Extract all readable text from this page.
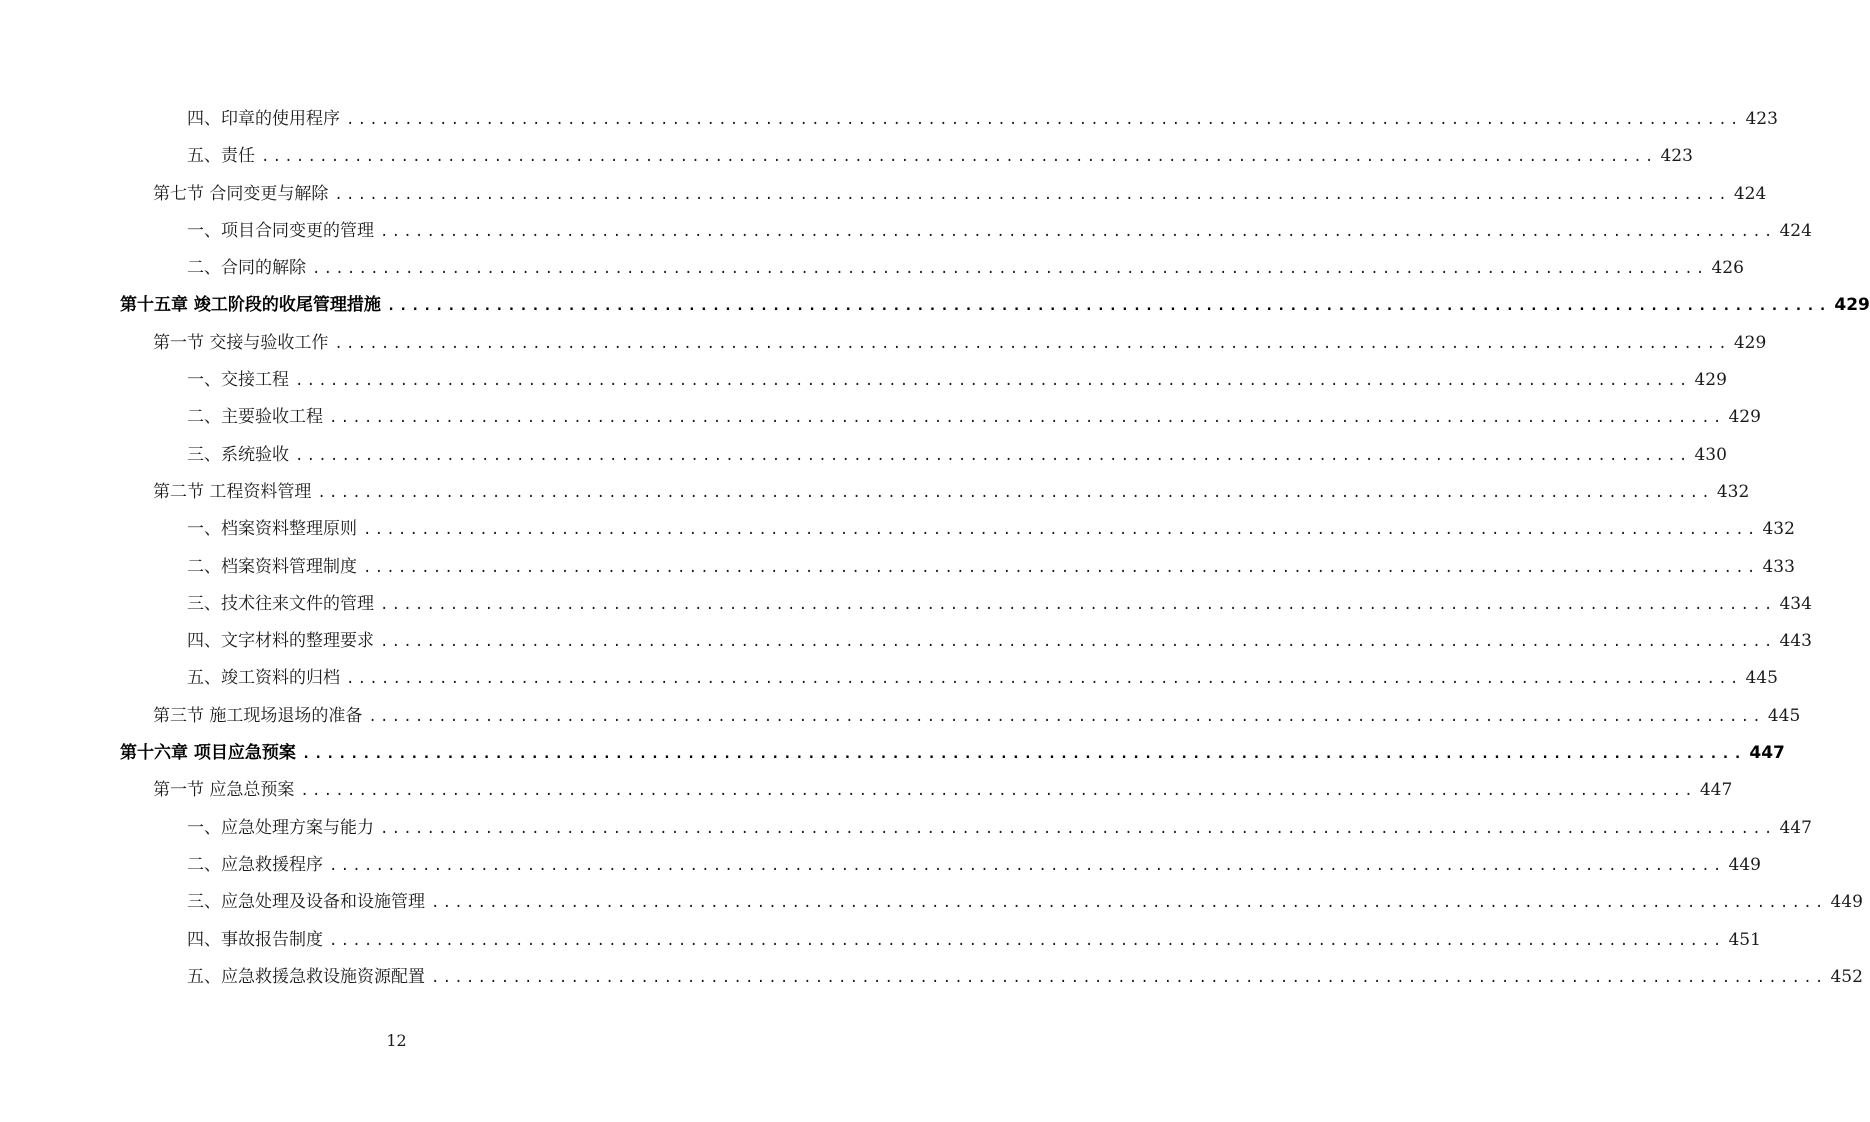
四、印章的使用程序 ........................................................................................................................ 423
五、责任 ........................................................................................................................ 423
第七节 合同变更与解除 ........................................................................................................................ 424
一、项目合同变更的管理 ........................................................................................................................ 424
二、合同的解除 ........................................................................................................................ 426
第十五章 竣工阶段的收尾管理措施 ........................................................................................................................ 429
第一节 交接与验收工作 ........................................................................................................................ 429
一、交接工程 ........................................................................................................................ 429
二、主要验收工程 ........................................................................................................................ 429
三、系统验收 ........................................................................................................................ 430
第二节 工程资料管理 ........................................................................................................................ 432
一、档案资料整理原则 ........................................................................................................................ 432
二、档案资料管理制度 ........................................................................................................................ 433
三、技术往来文件的管理 ........................................................................................................................ 434
四、文字材料的整理要求 ........................................................................................................................ 443
五、竣工资料的归档 ........................................................................................................................ 445
第三节 施工现场退场的准备 ........................................................................................................................ 445
第十六章 项目应急预案 ........................................................................................................................ 447
第一节 应急总预案 ........................................................................................................................ 447
一、应急处理方案与能力 ........................................................................................................................ 447
二、应急救援程序 ........................................................................................................................ 449
三、应急处理及设备和设施管理 ........................................................................................................................ 449
四、事故报告制度 ........................................................................................................................ 451
五、应急救援急救设施资源配置 ........................................................................................................................ 452
12
